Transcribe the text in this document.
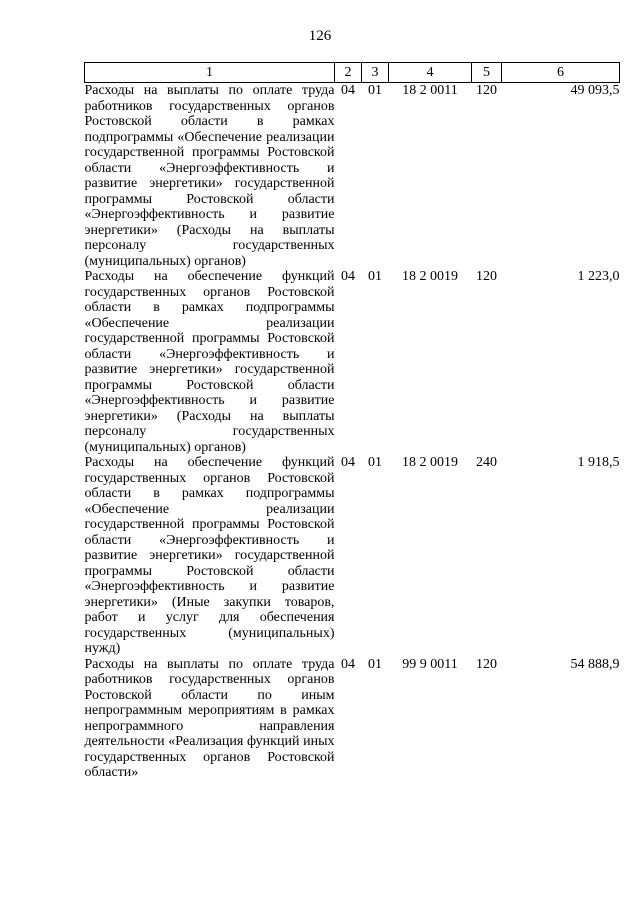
126
1	2	3	4	5	6
Расходы на выплаты по оплате труда работников государственных органов Ростовской области в рамках подпрограммы «Обеспечение реализации государственной программы Ростовской области «Энергоэффективность и развитие энергетики» государственной программы Ростовской области «Энергоэффективность и развитие энергетики» (Расходы на выплаты персоналу государственных (муниципальных) органов)	04	01	18 2 0011	120	49 093,5
Расходы на обеспечение функций государственных органов Ростовской области в рамках подпрограммы «Обеспечение реализации государственной программы Ростовской области «Энергоэффективность и развитие энергетики» государственной программы Ростовской области «Энергоэффективность и развитие энергетики» (Расходы на выплаты персоналу государственных (муниципальных) органов)	04	01	18 2 0019	120	1 223,0
Расходы на обеспечение функций государственных органов Ростовской области в рамках подпрограммы «Обеспечение реализации государственной программы Ростовской области «Энергоэффективность и развитие энергетики» государственной программы Ростовской области «Энергоэффективность и развитие энергетики» (Иные закупки товаров, работ и услуг для обеспечения государственных (муниципальных) нужд)	04	01	18 2 0019	240	1 918,5
Расходы на выплаты по оплате труда работников государственных органов Ростовской области по иным непрограммным мероприятиям в рамках непрограммного направления деятельности «Реализация функций иных государственных органов Ростовской области»	04	01	99 9 0011	120	54 888,9
